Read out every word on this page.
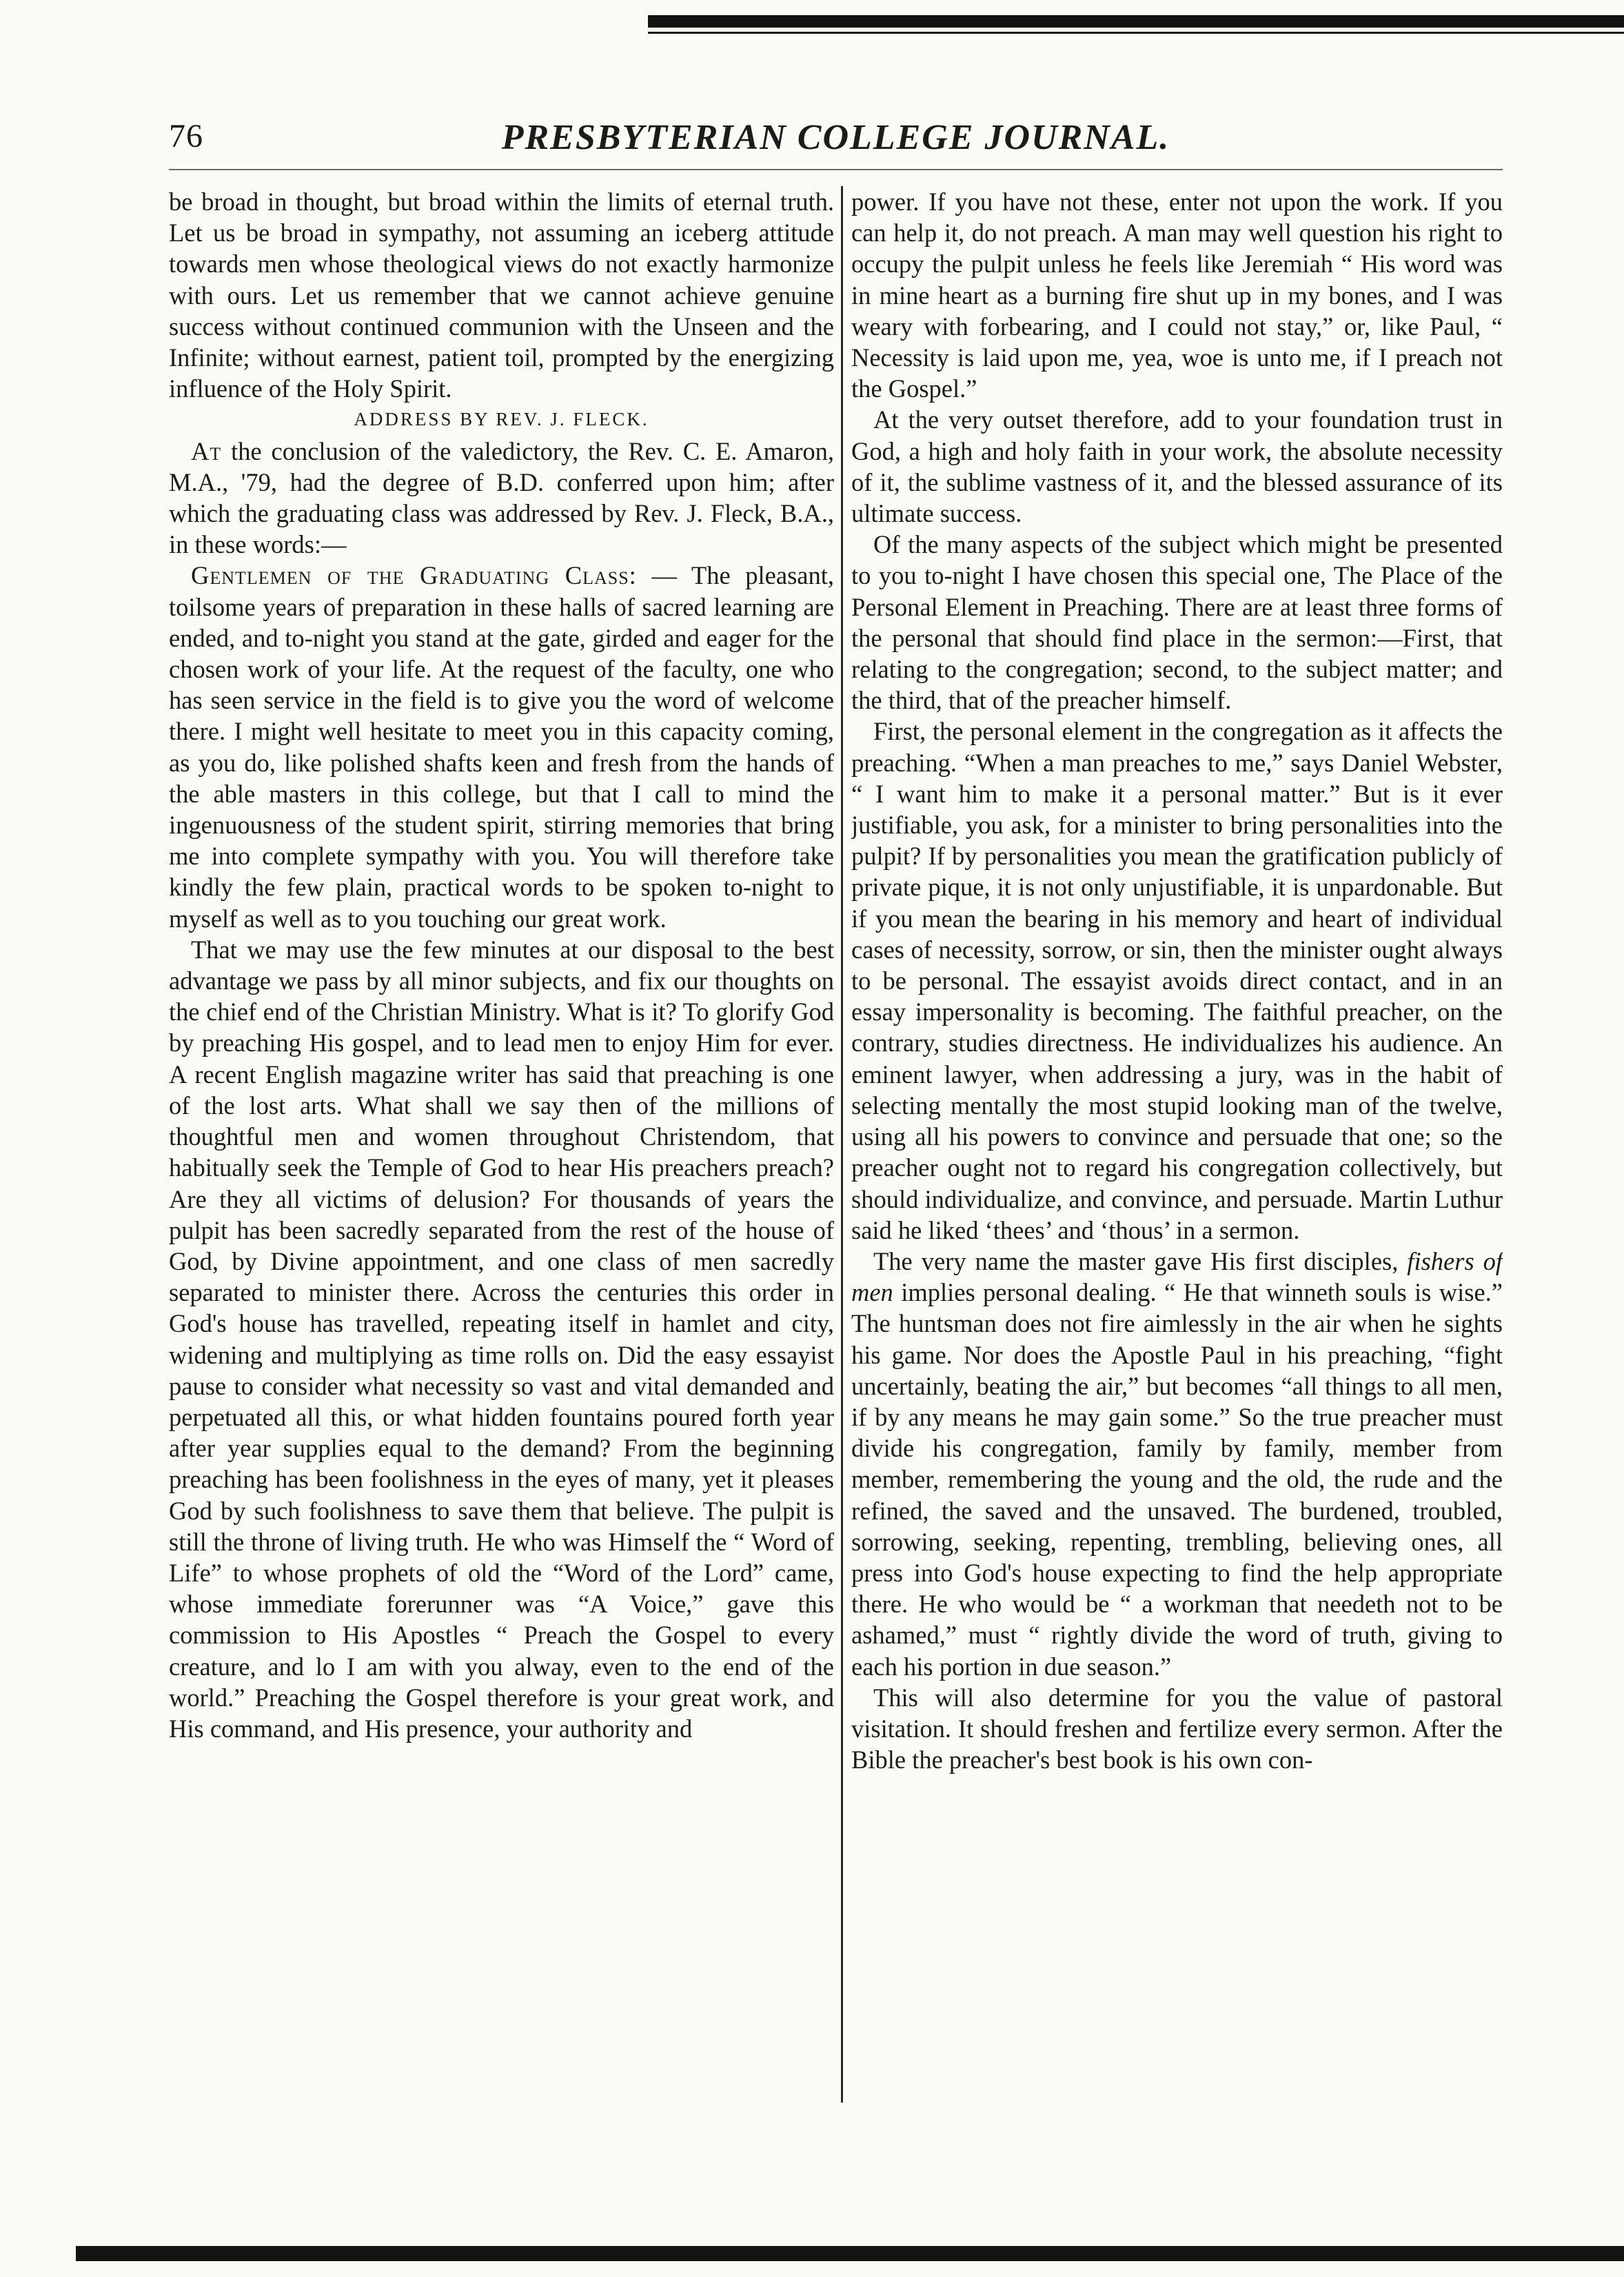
76	PRESBYTERIAN COLLEGE JOURNAL.

be broad in thought, but broad within the limits of eternal truth. Let us be broad in sympathy, not assuming an iceberg attitude towards men whose theological views do not exactly harmonize with ours. Let us remember that we cannot achieve genuine success without continued communion with the Unseen and the Infinite; without earnest, patient toil, prompted by the energizing influence of the Holy Spirit.

ADDRESS BY REV. J. FLECK.

At the conclusion of the valedictory, the Rev. C. E. Amaron, M.A., '79, had the degree of B.D. conferred upon him; after which the graduating class was addressed by Rev. J. Fleck, B.A., in these words:—

Gentlemen of the Graduating Class: — The pleasant, toilsome years of preparation in these halls of sacred learning are ended, and to-night you stand at the gate, girded and eager for the chosen work of your life. At the request of the faculty, one who has seen service in the field is to give you the word of welcome there. I might well hesitate to meet you in this capacity coming, as you do, like polished shafts keen and fresh from the hands of the able masters in this college, but that I call to mind the ingenuousness of the student spirit, stirring memories that bring me into complete sympathy with you. You will therefore take kindly the few plain, practical words to be spoken to-night to myself as well as to you touching our great work.

That we may use the few minutes at our disposal to the best advantage we pass by all minor subjects, and fix our thoughts on the chief end of the Christian Ministry. What is it? To glorify God by preaching His gospel, and to lead men to enjoy Him for ever. A recent English magazine writer has said that preaching is one of the lost arts. What shall we say then of the millions of thoughtful men and women throughout Christendom, that habitually seek the Temple of God to hear His preachers preach? Are they all victims of delusion? For thousands of years the pulpit has been sacredly separated from the rest of the house of God, by Divine appointment, and one class of men sacredly separated to minister there. Across the centuries this order in God's house has travelled, repeating itself in hamlet and city, widening and multiplying as time rolls on. Did the easy essayist pause to consider what necessity so vast and vital demanded and perpetuated all this, or what hidden fountains poured forth year after year supplies equal to the demand? From the beginning preaching has been foolishness in the eyes of many, yet it pleases God by such foolishness to save them that believe. The pulpit is still the throne of living truth. He who was Himself the “ Word of Life” to whose prophets of old the “Word of the Lord” came, whose immediate forerunner was “A Voice,” gave this commission to His Apostles “ Preach the Gospel to every creature, and lo I am with you alway, even to the end of the world.” Preaching the Gospel therefore is your great work, and His command, and His presence, your authority and

power. If you have not these, enter not upon the work. If you can help it, do not preach. A man may well question his right to occupy the pulpit unless he feels like Jeremiah “ His word was in mine heart as a burning fire shut up in my bones, and I was weary with forbearing, and I could not stay,” or, like Paul, “ Necessity is laid upon me, yea, woe is unto me, if I preach not the Gospel.”

At the very outset therefore, add to your foundation trust in God, a high and holy faith in your work, the absolute necessity of it, the sublime vastness of it, and the blessed assurance of its ultimate success.

Of the many aspects of the subject which might be presented to you to-night I have chosen this special one, The Place of the Personal Element in Preaching. There are at least three forms of the personal that should find place in the sermon:—First, that relating to the congregation; second, to the subject matter; and the third, that of the preacher himself.

First, the personal element in the congregation as it affects the preaching. “When a man preaches to me,” says Daniel Webster, “ I want him to make it a personal matter.” But is it ever justifiable, you ask, for a minister to bring personalities into the pulpit? If by personalities you mean the gratification publicly of private pique, it is not only unjustifiable, it is unpardonable. But if you mean the bearing in his memory and heart of individual cases of necessity, sorrow, or sin, then the minister ought always to be personal. The essayist avoids direct contact, and in an essay impersonality is becoming. The faithful preacher, on the contrary, studies directness. He individualizes his audience. An eminent lawyer, when addressing a jury, was in the habit of selecting mentally the most stupid looking man of the twelve, using all his powers to convince and persuade that one; so the preacher ought not to regard his congregation collectively, but should individualize, and convince, and persuade. Martin Luthur said he liked ‘thees’ and ‘thous’ in a sermon.

The very name the master gave His first disciples, fishers of men implies personal dealing. “ He that winneth souls is wise.” The huntsman does not fire aimlessly in the air when he sights his game. Nor does the Apostle Paul in his preaching, “fight uncertainly, beating the air,” but becomes “all things to all men, if by any means he may gain some.” So the true preacher must divide his congregation, family by family, member from member, remembering the young and the old, the rude and the refined, the saved and the unsaved. The burdened, troubled, sorrowing, seeking, repenting, trembling, believing ones, all press into God's house expecting to find the help appropriate there. He who would be “ a workman that needeth not to be ashamed,” must “ rightly divide the word of truth, giving to each his portion in due season.”

This will also determine for you the value of pastoral visitation. It should freshen and fertilize every sermon. After the Bible the preacher's best book is his own con-
